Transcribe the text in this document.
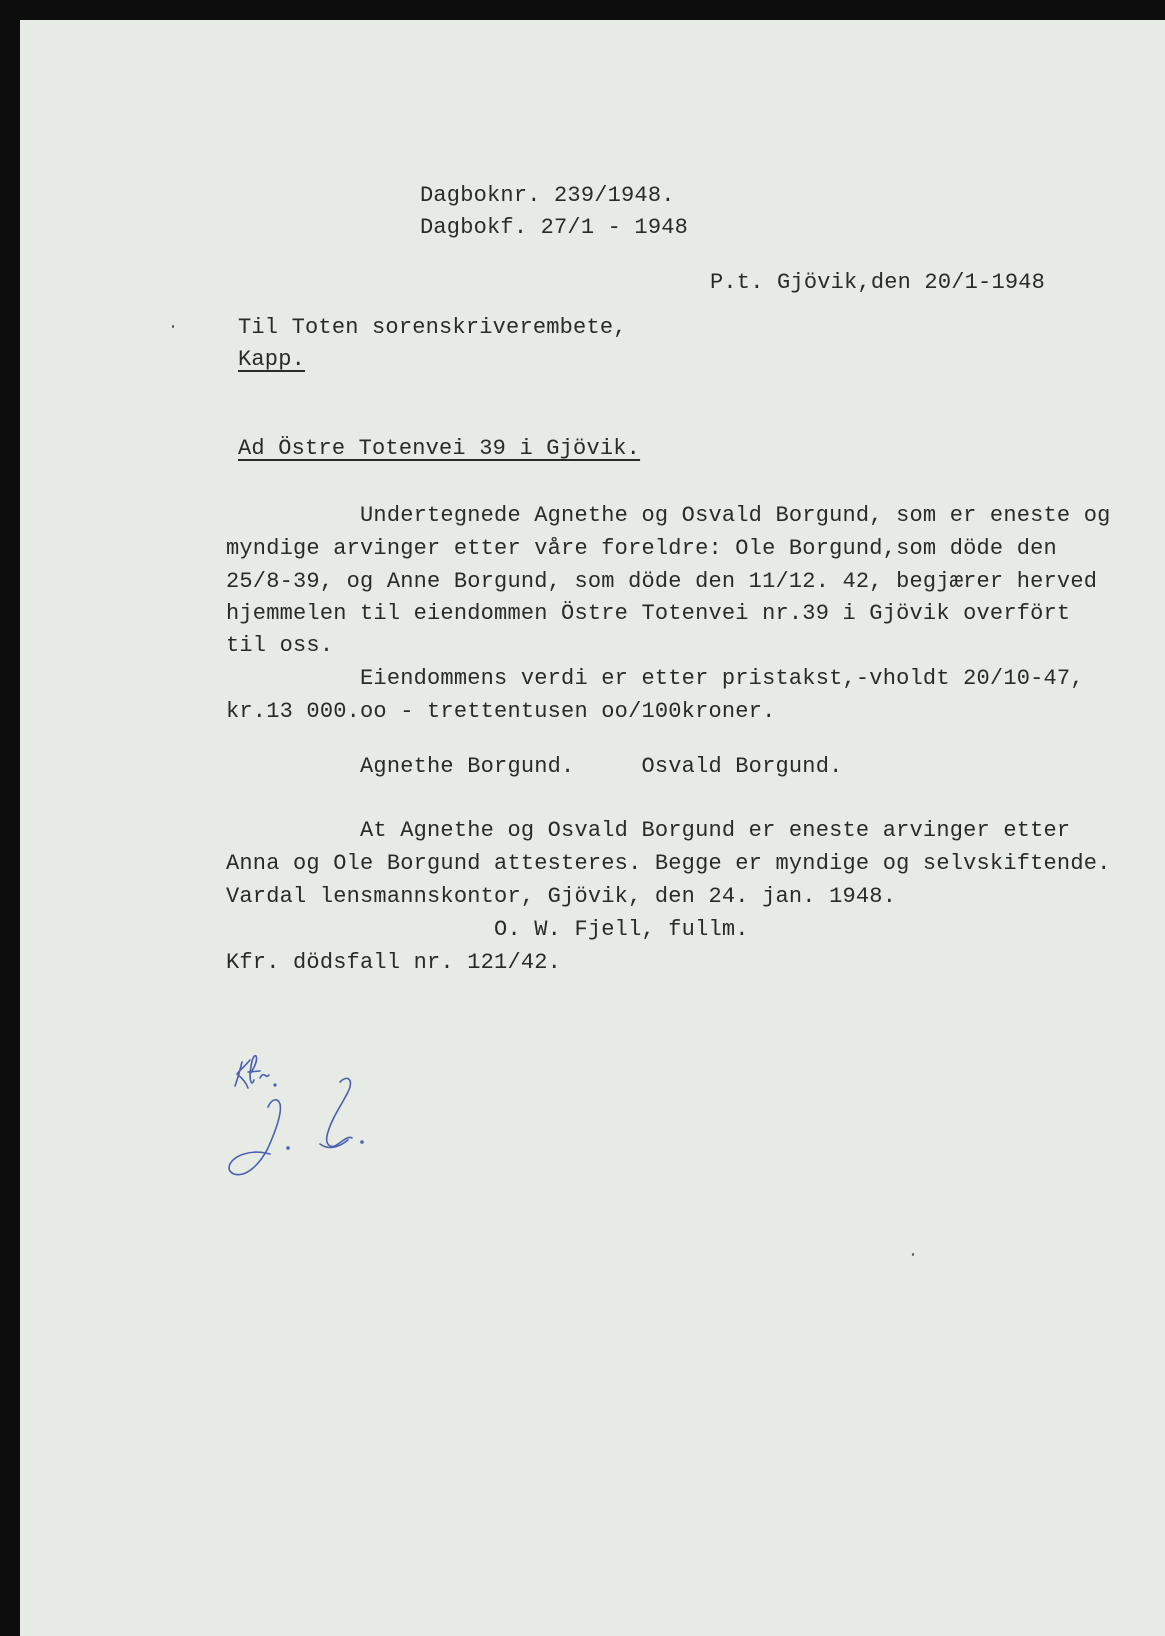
Dagboknr. 239/1948.
Dagbokf. 27/1 - 1948
P.t. Gjövik,den 20/1-1948
Til Toten sorenskriverembete,
Kapp.
Ad Östre Totenvei 39 i Gjövik.
Undertegnede Agnethe og Osvald Borgund, som er eneste og
myndige arvinger etter våre foreldre: Ole Borgund,som döde den
25/8-39, og Anne Borgund, som döde den 11/12. 42, begjærer herved
hjemmelen til eiendommen Östre Totenvei nr.39 i Gjövik overfört
til oss.
Eiendommens verdi er etter pristakst,-vholdt 20/10-47,
kr.13 000.oo - trettentusen oo/100kroner.
Agnethe Borgund.     Osvald Borgund.
At Agnethe og Osvald Borgund er eneste arvinger etter
Anna og Ole Borgund attesteres. Begge er myndige og selvskiftende.
Vardal lensmannskontor, Gjövik, den 24. jan. 1948.
O. W. Fjell, fullm.
Kfr. dödsfall nr. 121/42.
